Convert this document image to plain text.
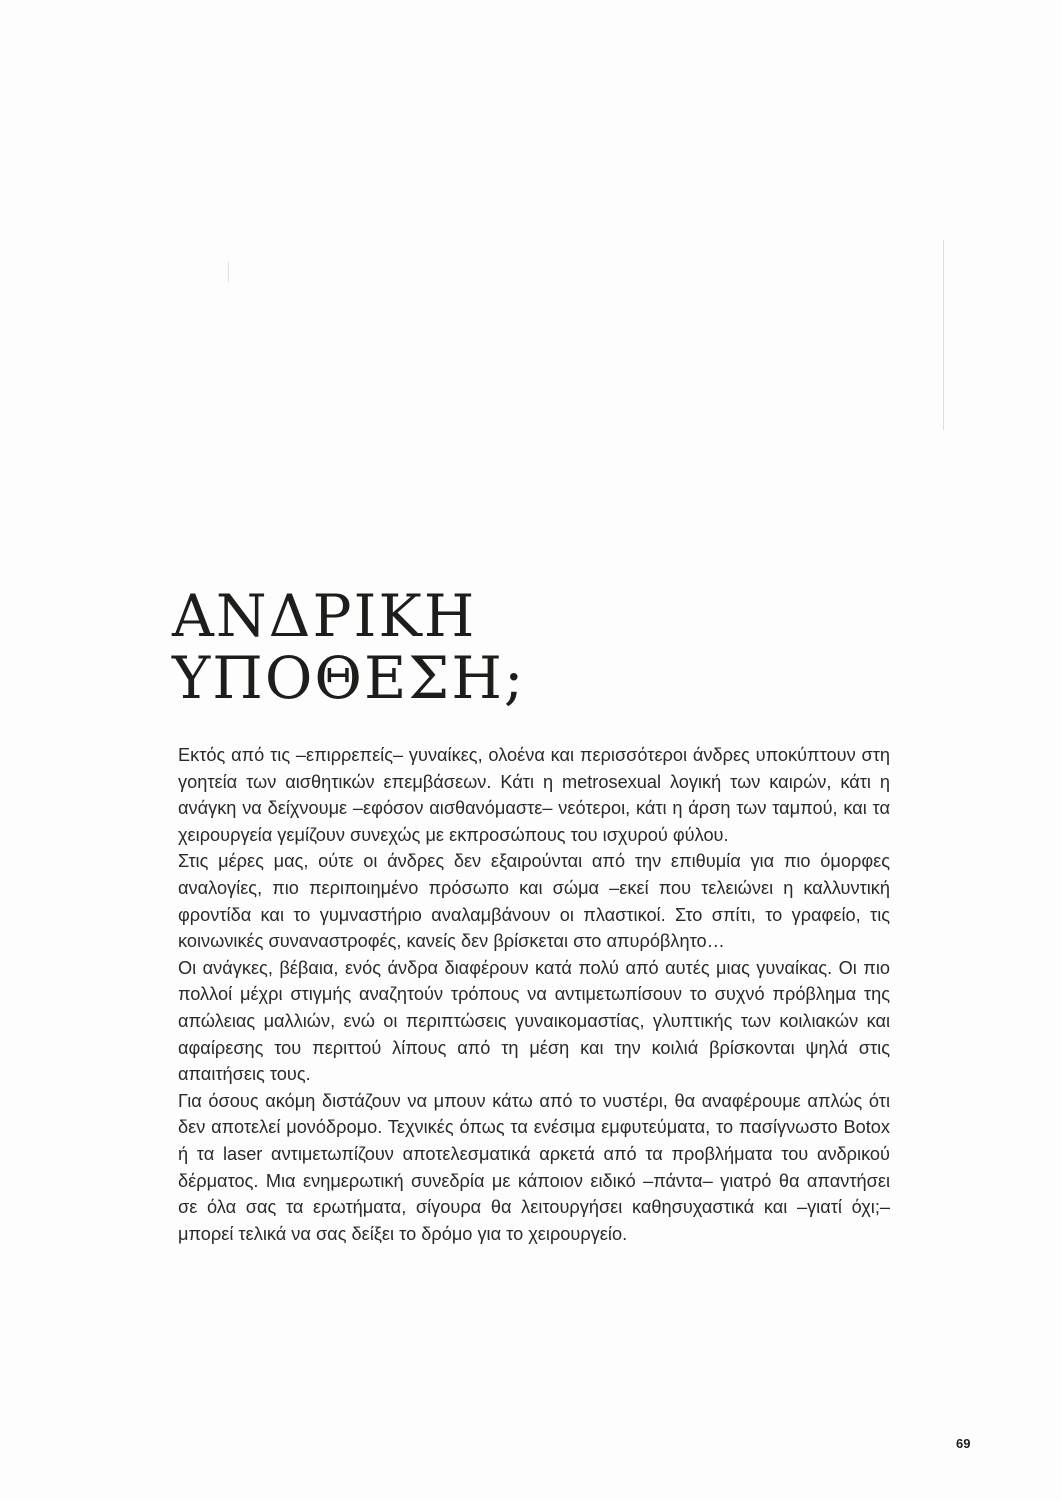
ΑΝΔΡΙΚΗ
ΥΠΟΘΕΣΗ;

Εκτός από τις –επιρρεπείς– γυναίκες, ολοένα και περισσότεροι άνδρες υποκύπτουν στη γοητεία των αισθητικών επεμβάσεων. Κάτι η metrosexual λογική των καιρών, κάτι η ανάγκη να δείχνουμε –εφόσον αισθανόμαστε– νεότεροι, κάτι η άρση των ταμπού, και τα χειρουργεία γεμίζουν συνεχώς με εκπροσώπους του ισχυρού φύλου.

Στις μέρες μας, ούτε οι άνδρες δεν εξαιρούνται από την επιθυμία για πιο όμορφες αναλογίες, πιο περιποιημένο πρόσωπο και σώμα –εκεί που τελειώνει η καλλυντική φροντίδα και το γυμναστήριο αναλαμβάνουν οι πλαστικοί. Στο σπίτι, το γραφείο, τις κοινωνικές συναναστροφές, κανείς δεν βρίσκεται στο απυρόβλητο…

Οι ανάγκες, βέβαια, ενός άνδρα διαφέρουν κατά πολύ από αυτές μιας γυναίκας. Οι πιο πολλοί μέχρι στιγμής αναζητούν τρόπους να αντιμετωπίσουν το συχνό πρόβλημα της απώλειας μαλλιών, ενώ οι περιπτώσεις γυναικομαστίας, γλυπτικής των κοιλιακών και αφαίρεσης του περιττού λίπους από τη μέση και την κοιλιά βρίσκονται ψηλά στις απαιτήσεις τους.

Για όσους ακόμη διστάζουν να μπουν κάτω από το νυστέρι, θα αναφέρουμε απλώς ότι δεν αποτελεί μονόδρομο. Τεχνικές όπως τα ενέσιμα εμφυτεύματα, το πασίγνωστο Botox ή τα laser αντιμετωπίζουν αποτελεσματικά αρκετά από τα προβλήματα του ανδρικού δέρματος. Μια ενημερωτική συνεδρία με κάποιον ειδικό –πάντα– γιατρό θα απαντήσει σε όλα σας τα ερωτήματα, σίγουρα θα λειτουργήσει καθησυχαστικά και –γιατί όχι;– μπορεί τελικά να σας δείξει το δρόμο για το χειρουργείο.

69
